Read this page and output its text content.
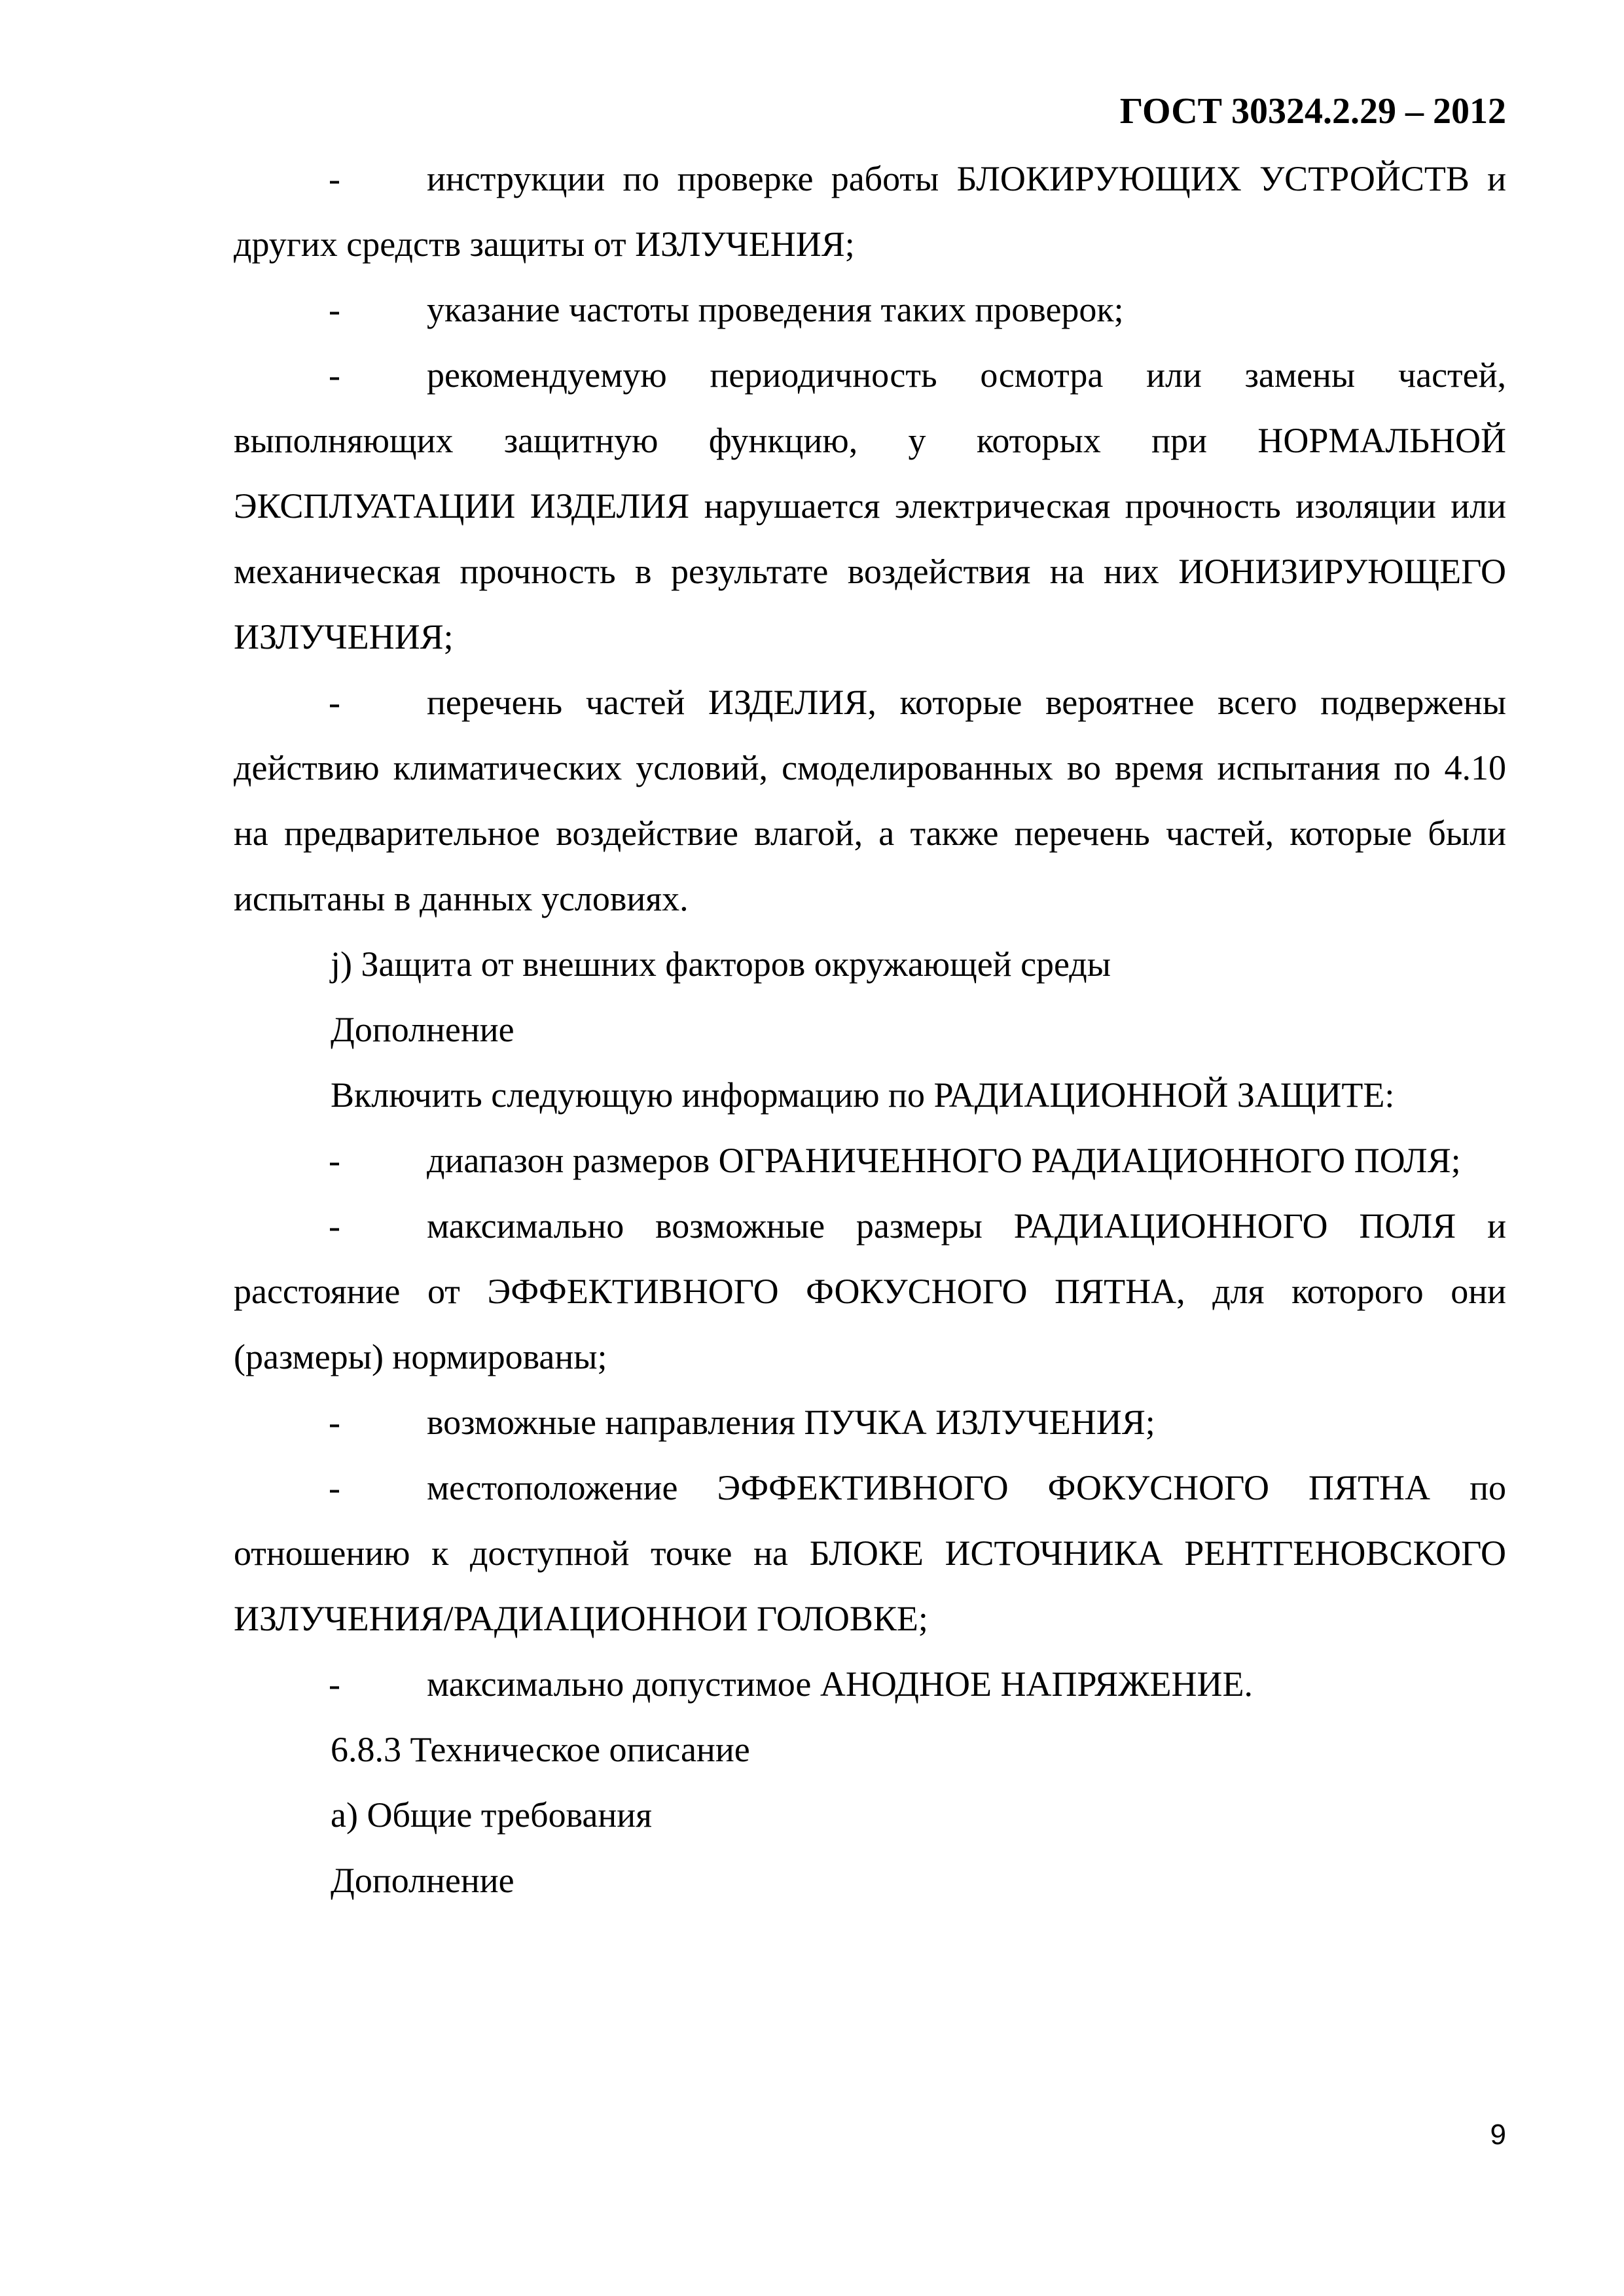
ГОСТ 30324.2.29 – 2012

- инструкции по проверке работы БЛОКИРУЮЩИХ УСТРОЙСТВ и других средств защиты от ИЗЛУЧЕНИЯ;

- указание частоты проведения таких проверок;

- рекомендуемую периодичность осмотра или замены частей, выполняющих защитную функцию, у которых при НОРМАЛЬНОЙ ЭКСПЛУАТАЦИИ ИЗДЕЛИЯ нарушается электрическая прочность изоляции или механическая прочность в результате воздействия на них ИОНИЗИРУЮЩЕГО ИЗЛУЧЕНИЯ;

- перечень частей ИЗДЕЛИЯ, которые вероятнее всего подвержены действию климатических условий, смоделированных во время испытания по 4.10 на предварительное воздействие влагой, а также перечень частей, которые были испытаны в данных условиях.

j) Защита от внешних факторов окружающей среды

Дополнение

Включить следующую информацию по РАДИАЦИОННОЙ ЗАЩИТЕ:

- диапазон размеров ОГРАНИЧЕННОГО РАДИАЦИОННОГО ПОЛЯ;

- максимально возможные размеры РАДИАЦИОННОГО ПОЛЯ и расстояние от ЭФФЕКТИВНОГО ФОКУСНОГО ПЯТНА, для которого они (размеры) нормированы;

- возможные направления ПУЧКА ИЗЛУЧЕНИЯ;

- местоположение ЭФФЕКТИВНОГО ФОКУСНОГО ПЯТНА по отношению к доступной точке на БЛОКЕ ИСТОЧНИКА РЕНТГЕНОВСКОГО ИЗЛУЧЕНИЯ/РАДИАЦИОННОИ ГОЛОВКЕ;

- максимально допустимое АНОДНОЕ НАПРЯЖЕНИЕ.

6.8.3 Техническое описание

a) Общие требования

Дополнение

9
